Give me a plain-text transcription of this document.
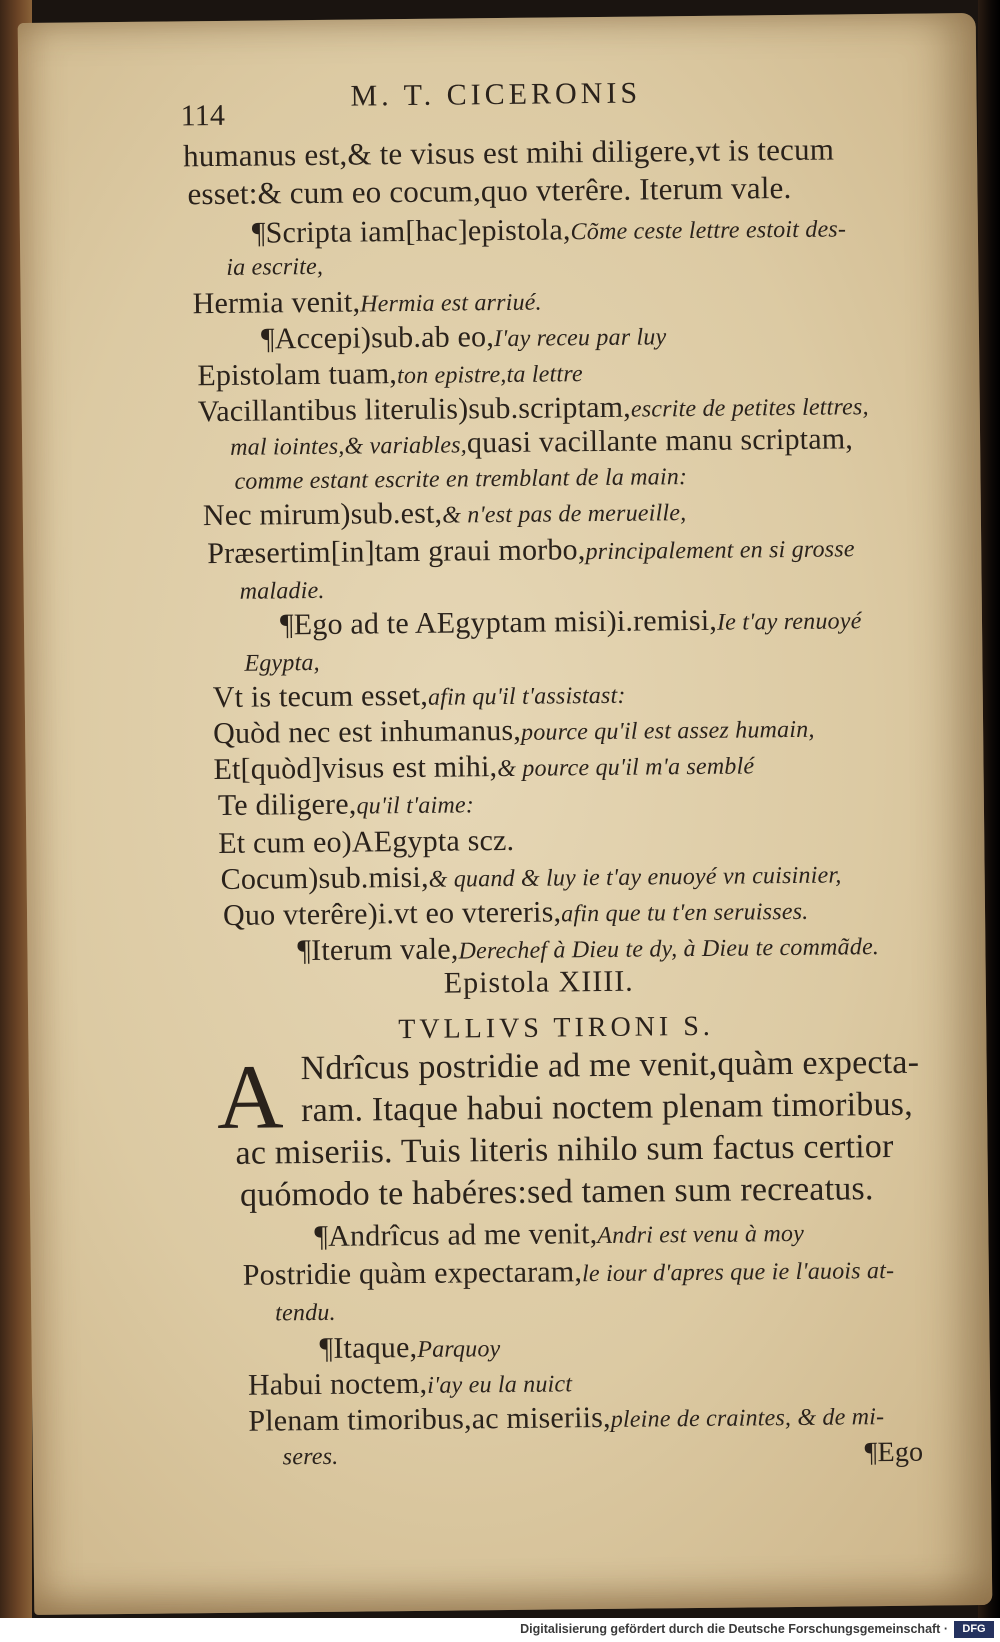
114
M. T. CICERONIS
humanus est,& te visus est mihi diligere,vt is tecum
esset:& cum eo cocum,quo vterêre. Iterum vale.
¶Scripta iam[hac]epistola,Cõme ceste lettre estoit des-
ia escrite,
Hermia venit,Hermia est arriué.
¶Accepi)sub.ab eo,I'ay receu par luy
Epistolam tuam,ton epistre,ta lettre
Vacillantibus literulis)sub.scriptam,escrite de petites lettres,
mal iointes,& variables,quasi vacillante manu scriptam,
comme estant escrite en tremblant de la main:
Nec mirum)sub.est,& n'est pas de merueille,
Præsertim[in]tam graui morbo,principalement en si grosse
maladie.
¶Ego ad te AEgyptam misi)i.remisi,Ie t'ay renuoyé
Egypta,
Vt is tecum esset,afin qu'il t'assistast:
Quòd nec est inhumanus,pource qu'il est assez humain,
Et[quòd]visus est mihi,& pource qu'il m'a semblé
Te diligere,qu'il t'aime:
Et cum eo)AEgypta scz.
Cocum)sub.misi,& quand & luy ie t'ay enuoyé vn cuisinier,
Quo vterêre)i.vt eo vtereris,afin que tu t'en seruisses.
¶Iterum vale,Derechef à Dieu te dy, à Dieu te commãde.
Epistola XIIII.
TVLLIVS TIRONI S.
A Ndrîcus postridie ad me venit,quàm expecta-
ram. Itaque habui noctem plenam timoribus,
ac miseriis. Tuis literis nihilo sum factus certior
quómodo te habéres:sed tamen sum recreatus.
¶Andrîcus ad me venit,Andri est venu à moy
Postridie quàm expectaram,le iour d'apres que ie l'auois at-
tendu.
¶Itaque,Parquoy
Habui noctem,i'ay eu la nuict
Plenam timoribus,ac miseriis,pleine de craintes, & de mi-
seres.	¶Ego
Digitalisierung gefördert durch die Deutsche Forschungsgemeinschaft ·	DFG
